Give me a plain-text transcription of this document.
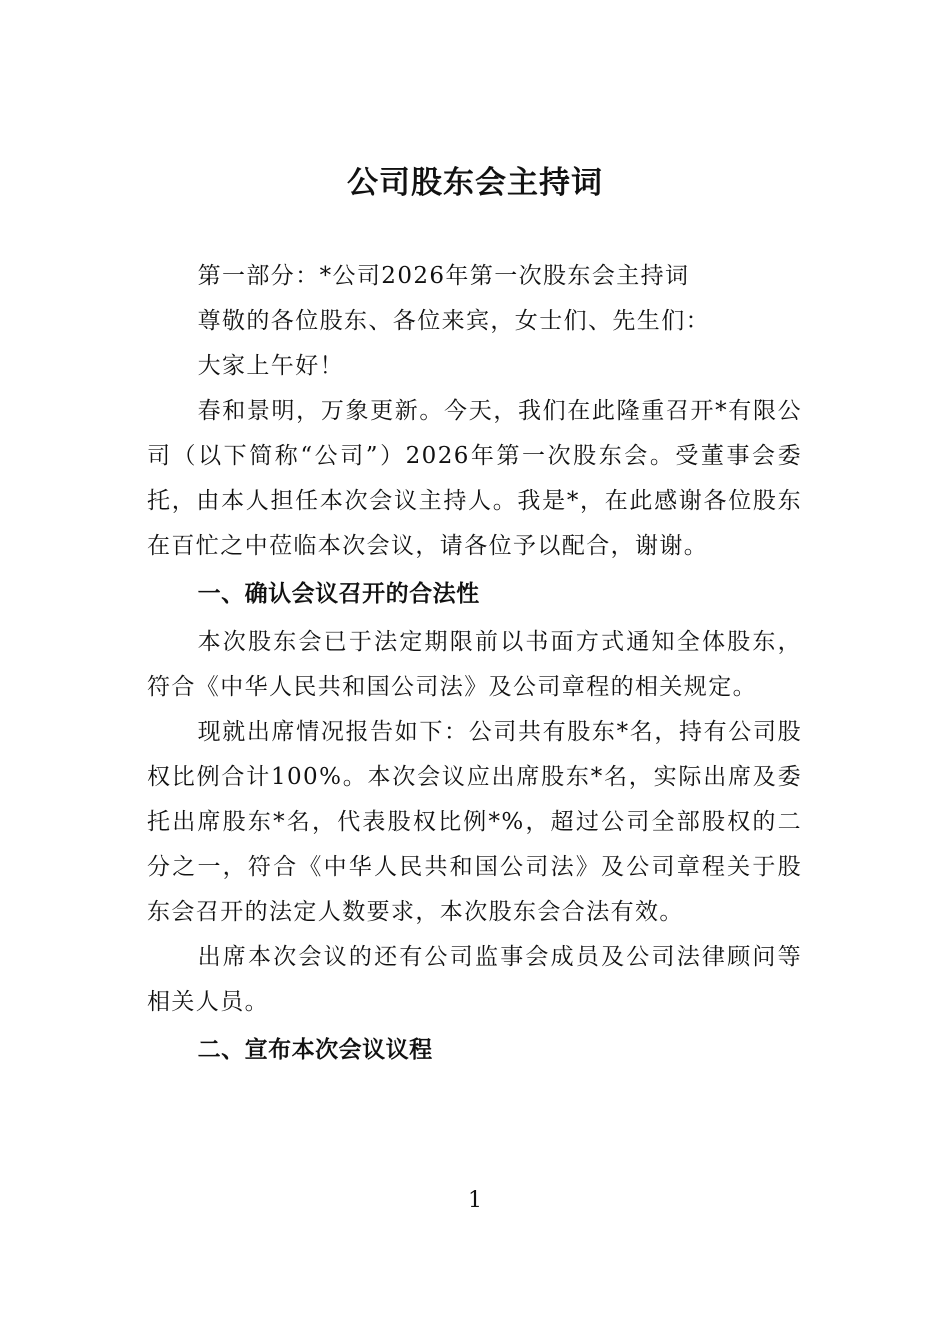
公司股东会主持词

第一部分：*公司2026年第一次股东会主持词

尊敬的各位股东、各位来宾，女士们、先生们：

大家上午好！

春和景明，万象更新。今天，我们在此隆重召开*有限公司（以下简称“公司”）2026年第一次股东会。受董事会委托，由本人担任本次会议主持人。我是*，在此感谢各位股东在百忙之中莅临本次会议，请各位予以配合，谢谢。

一、确认会议召开的合法性

本次股东会已于法定期限前以书面方式通知全体股东，符合《中华人民共和国公司法》及公司章程的相关规定。

现就出席情况报告如下：公司共有股东*名，持有公司股权比例合计100%。本次会议应出席股东*名，实际出席及委托出席股东*名，代表股权比例*%，超过公司全部股权的二分之一，符合《中华人民共和国公司法》及公司章程关于股东会召开的法定人数要求，本次股东会合法有效。

出席本次会议的还有公司监事会成员及公司法律顾问等相关人员。

二、宣布本次会议议程

1
